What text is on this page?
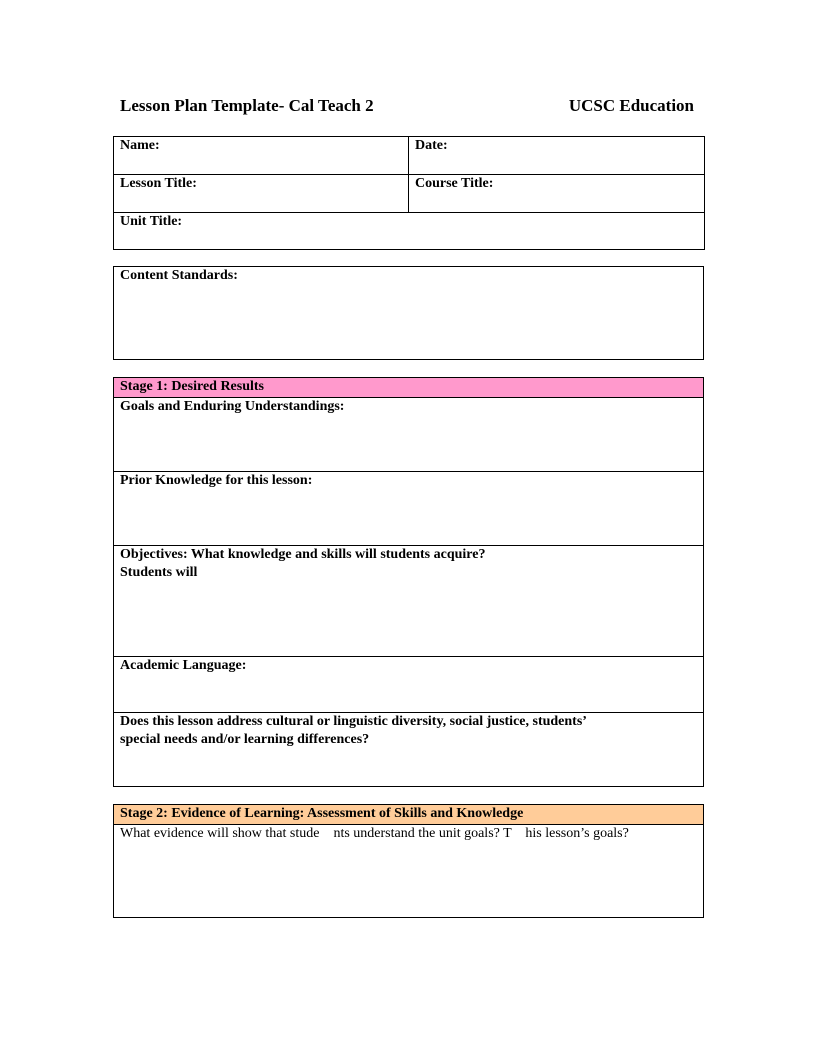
Lesson Plan Template- Cal Teach 2	UCSC Education
Name:	Date:

Lesson Title:	Course Title:

Unit Title:	
Content Standards:
Stage 1: Desired Results

Goals and Enduring Understandings:

Prior Knowledge for this lesson:

Objectives: What knowledge and skills will students acquire?
Students will

Academic Language:

Does this lesson address cultural or linguistic diversity, social justice, students’
special needs and/or learning differences?
Stage 2: Evidence of Learning: Assessment of Skills and Knowledge

What evidence will show that stude    nts understand the unit goals? T    his lesson’s goals?
